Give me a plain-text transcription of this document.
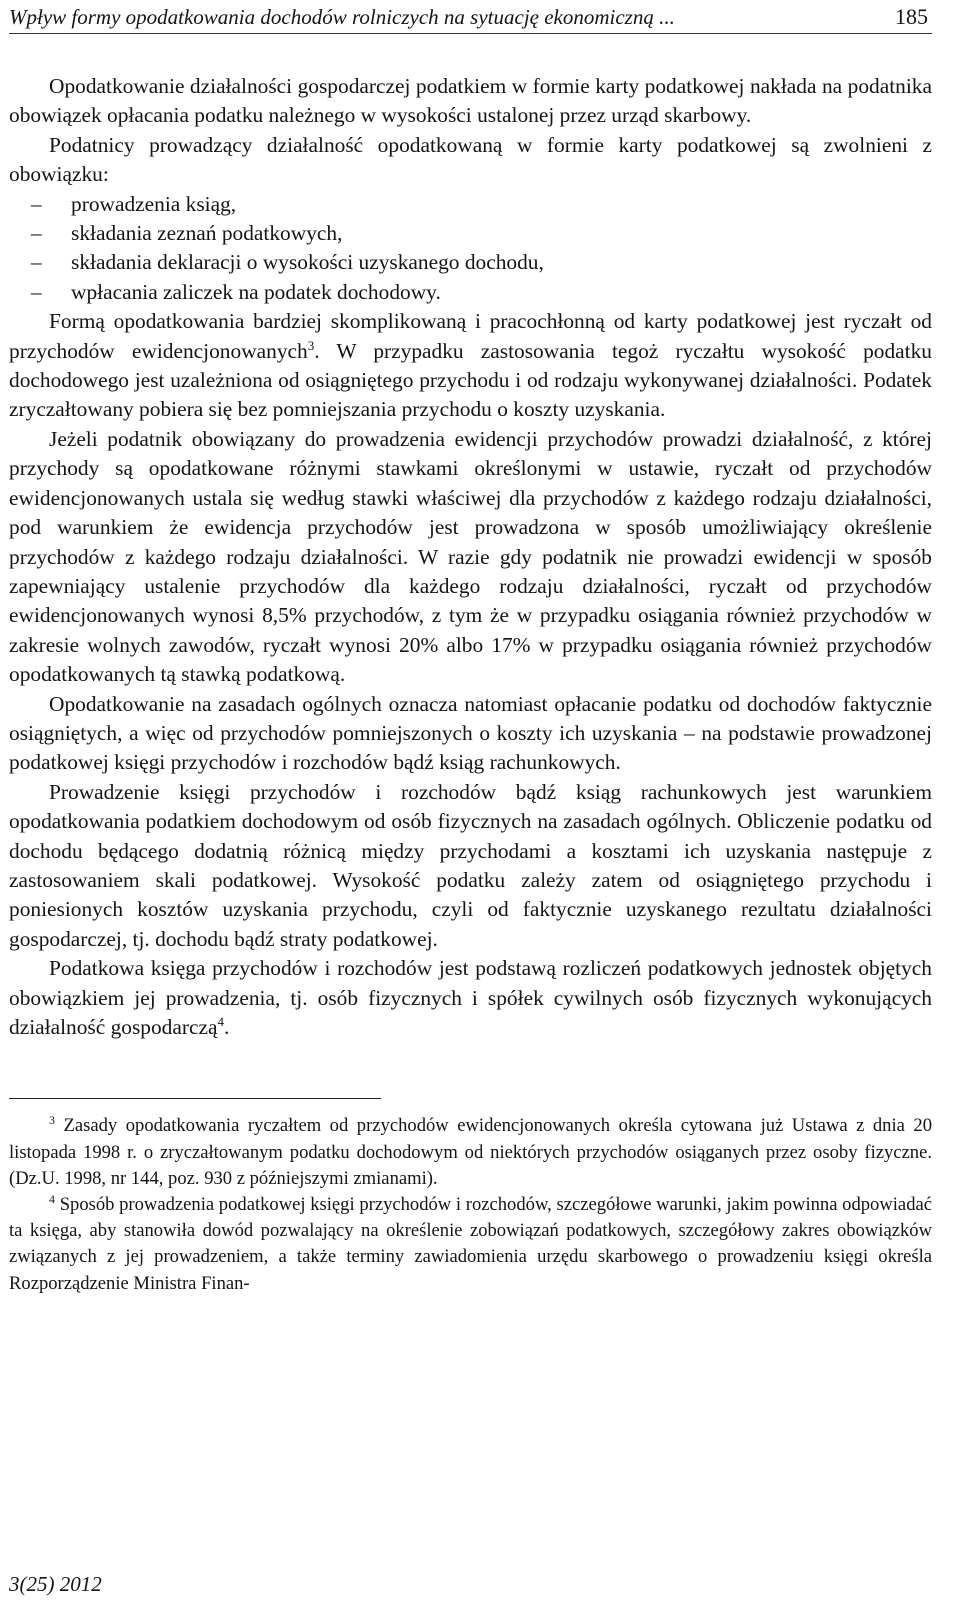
Wpływ formy opodatkowania dochodów rolniczych na sytuację ekonomiczną ...	185

Opodatkowanie działalności gospodarczej podatkiem w formie karty podatkowej nakłada na podatnika obowiązek opłacania podatku należnego w wysokości ustalonej przez urząd skarbowy.

Podatnicy prowadzący działalność opodatkowaną w formie karty podatkowej są zwolnieni z obowiązku:

– prowadzenia ksiąg,
– składania zeznań podatkowych,
– składania deklaracji o wysokości uzyskanego dochodu,
– wpłacania zaliczek na podatek dochodowy.

Formą opodatkowania bardziej skomplikowaną i pracochłonną od karty podatkowej jest ryczałt od przychodów ewidencjonowanych$^3$. W przypadku zastosowania tegoż ryczałtu wysokość podatku dochodowego jest uzależniona od osiągniętego przychodu i od rodzaju wykonywanej działalności. Podatek zryczałtowany pobiera się bez pomniejszania przychodu o koszty uzyskania.

Jeżeli podatnik obowiązany do prowadzenia ewidencji przychodów prowadzi działalność, z której przychody są opodatkowane różnymi stawkami określonymi w ustawie, ryczałt od przychodów ewidencjonowanych ustala się według stawki właściwej dla przychodów z każdego rodzaju działalności, pod warunkiem że ewidencja przychodów jest prowadzona w sposób umożliwiający określenie przychodów z każdego rodzaju działalności. W razie gdy podatnik nie prowadzi ewidencji w sposób zapewniający ustalenie przychodów dla każdego rodzaju działalności, ryczałt od przychodów ewidencjonowanych wynosi 8,5% przychodów, z tym że w przypadku osiągania również przychodów w zakresie wolnych zawodów, ryczałt wynosi 20% albo 17% w przypadku osiągania również przychodów opodatkowanych tą stawką podatkową.

Opodatkowanie na zasadach ogólnych oznacza natomiast opłacanie podatku od dochodów faktycznie osiągniętych, a więc od przychodów pomniejszonych o koszty ich uzyskania – na podstawie prowadzonej podatkowej księgi przychodów i rozchodów bądź ksiąg rachunkowych.

Prowadzenie księgi przychodów i rozchodów bądź ksiąg rachunkowych jest warunkiem opodatkowania podatkiem dochodowym od osób fizycznych na zasadach ogólnych. Obliczenie podatku od dochodu będącego dodatnią różnicą między przychodami a kosztami ich uzyskania następuje z zastosowaniem skali podatkowej. Wysokość podatku zależy zatem od osiągniętego przychodu i poniesionych kosztów uzyskania przychodu, czyli od faktycznie uzyskanego rezultatu działalności gospodarczej, tj. dochodu bądź straty podatkowej.

Podatkowa księga przychodów i rozchodów jest podstawą rozliczeń podatkowych jednostek objętych obowiązkiem jej prowadzenia, tj. osób fizycznych i spółek cywilnych osób fizycznych wykonujących działalność gospodarczą$^4$.

$^3$ Zasady opodatkowania ryczałtem od przychodów ewidencjonowanych określa cytowana już Ustawa z dnia 20 listopada 1998 r. o zryczałtowanym podatku dochodowym od niektórych przychodów osiąganych przez osoby fizyczne. (Dz.U. 1998, nr 144, poz. 930 z późniejszymi zmianami).

$^4$ Sposób prowadzenia podatkowej księgi przychodów i rozchodów, szczegółowe warunki, jakim powinna odpowiadać ta księga, aby stanowiła dowód pozwalający na określenie zobowiązań podatkowych, szczegółowy zakres obowiązków związanych z jej prowadzeniem, a także terminy zawiadomienia urzędu skarbowego o prowadzeniu księgi określa Rozporządzenie Ministra Finan-

3(25) 2012
